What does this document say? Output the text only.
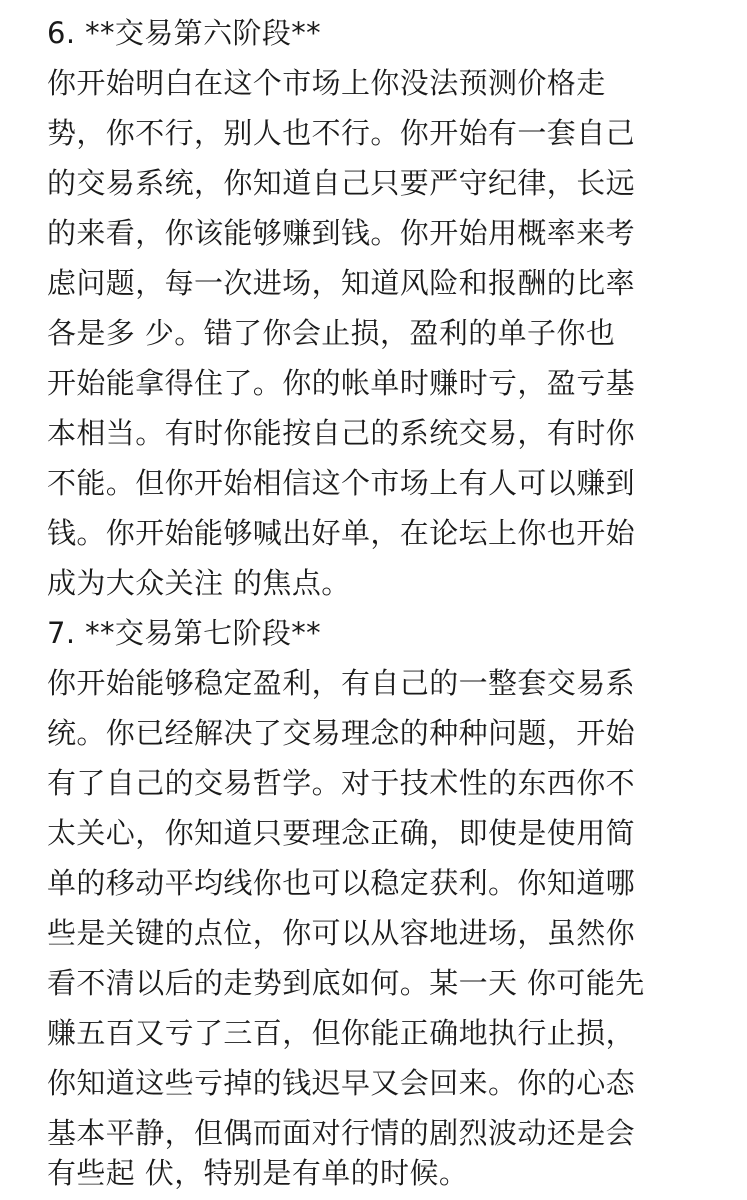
6. **交易第六阶段**
你开始明白在这个市场上你没法预测价格走
势，你不行，别人也不行。你开始有一套自己
的交易系统，你知道自己只要严守纪律，长远
的来看，你该能够赚到钱。你开始用概率来考
虑问题，每一次进场，知道风险和报酬的比率
各是多 少。错了你会止损，盈利的单子你也
开始能拿得住了。你的帐单时赚时亏，盈亏基
本相当。有时你能按自己的系统交易，有时你
不能。但你开始相信这个市场上有人可以赚到
钱。你开始能够喊出好单，在论坛上你也开始
成为大众关注 的焦点。
7. **交易第七阶段**
你开始能够稳定盈利，有自己的一整套交易系
统。你已经解决了交易理念的种种问题，开始
有了自己的交易哲学。对于技术性的东西你不
太关心，你知道只要理念正确，即使是使用简
单的移动平均线你也可以稳定获利。你知道哪
些是关键的点位，你可以从容地进场，虽然你
看不清以后的走势到底如何。某一天 你可能先
赚五百又亏了三百，但你能正确地执行止损，
你知道这些亏掉的钱迟早又会回来。你的心态
基本平静，但偶而面对行情的剧烈波动还是会
有些起 伏，特别是有单的时候。
